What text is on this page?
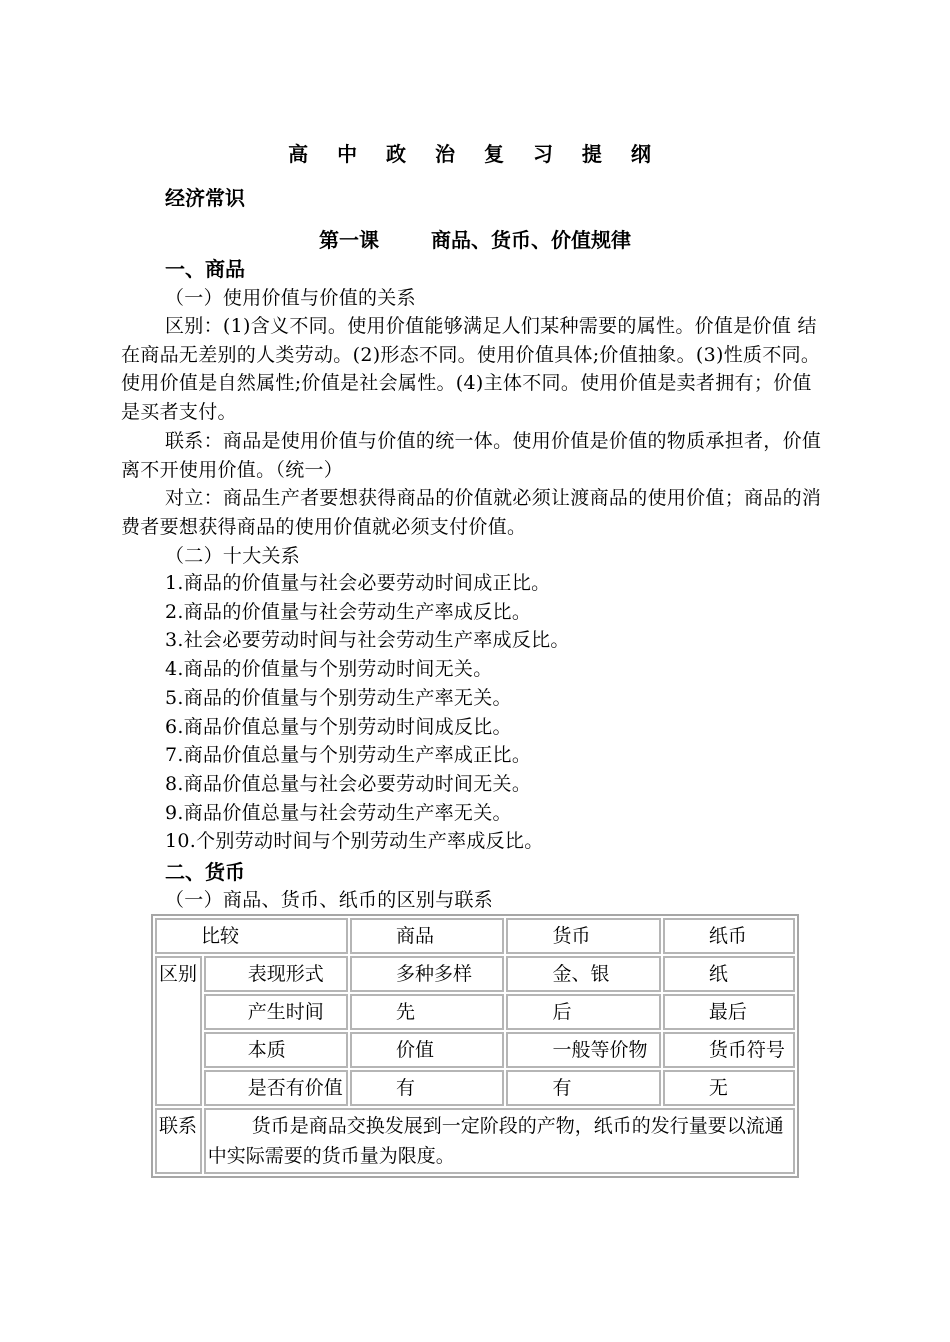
高 中 政 治 复 习 提 纲
经济常识
第一课	商品、货币、价值规律
一、商品
（一）使用价值与价值的关系

区别：(1)含义不同。使用价值能够满足人们某种需要的属性。价值是价值 结在商品无差别的人类劳动。(2)形态不同。使用价值具体;价值抽象。(3)性质不同。使用价值是自然属性;价值是社会属性。(4)主体不同。使用价值是卖者拥有；价值是买者支付。

联系：商品是使用价值与价值的统一体。使用价值是价值的物质承担者，价值离不开使用价值。（统一）

对立：商品生产者要想获得商品的价值就必须让渡商品的使用价值；商品的消费者要想获得商品的使用价值就必须支付价值。

（二）十大关系
1.商品的价值量与社会必要劳动时间成正比。
2.商品的价值量与社会劳动生产率成反比。
3.社会必要劳动时间与社会劳动生产率成反比。
4.商品的价值量与个别劳动时间无关。
5.商品的价值量与个别劳动生产率无关。
6.商品价值总量与个别劳动时间成反比。
7.商品价值总量与个别劳动生产率成正比。
8.商品价值总量与社会必要劳动时间无关。
9.商品价值总量与社会劳动生产率无关。
10.个别劳动时间与个别劳动生产率成反比。
二、货币
（一）商品、货币、纸币的区别与联系
比较		商品	货币	纸币
区别	表现形式	多种多样	金、银	纸
	产生时间	先	后	最后
	本质	价值	一般等价物	货币符号
	是否有价值	有	有	无
联系	货币是商品交换发展到一定阶段的产物，纸币的发行量要以流通中实际需要的货币量为限度。			
